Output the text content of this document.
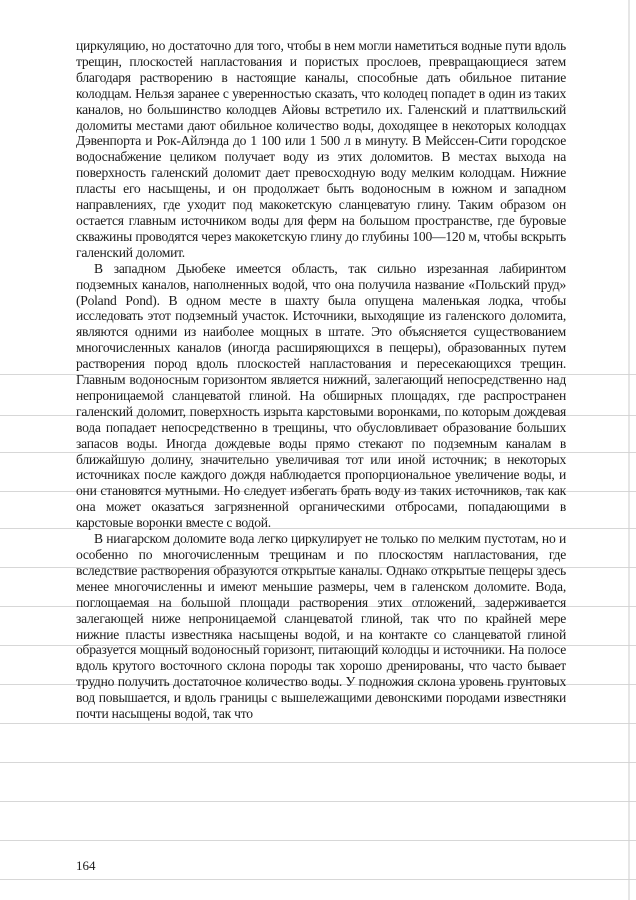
циркуляцию, но достаточно для того, чтобы в нем могли наметиться водные пути вдоль трещин, плоскостей напластования и пористых прослоев, превращающиеся затем благодаря растворению в настоящие каналы, способные дать обильное питание колодцам. Нельзя заранее с уверенностью сказать, что колодец попадет в один из таких каналов, но большинство колодцев Айовы встретило их. Галенский и платтвильский доломиты местами дают обильное количество воды, доходящее в некоторых колодцах Дэвенпорта и Рок-Айлэнда до 1 100 или 1 500 л в минуту. В Мейссен-Сити городское водоснабжение целиком получает воду из этих доломитов. В местах выхода на поверхность галенский доломит дает превосходную воду мелким колодцам. Нижние пласты его насыщены, и он продолжает быть водоносным в южном и западном направлениях, где уходит под макокетскую сланцеватую глину. Таким образом он остается главным источником воды для ферм на большом пространстве, где буровые скважины проводятся через макокетскую глину до глубины 100—120 м, чтобы вскрыть галенский доломит.

В западном Дьюбеке имеется область, так сильно изрезанная лабиринтом подземных каналов, наполненных водой, что она получила название «Польский пруд» (Poland Pond). В одном месте в шахту была опущена маленькая лодка, чтобы исследовать этот подземный участок. Источники, выходящие из галенского доломита, являются одними из наиболее мощных в штате. Это объясняется существованием многочисленных каналов (иногда расширяющихся в пещеры), образованных путем растворения пород вдоль плоскостей напластования и пересекающихся трещин. Главным водоносным горизонтом является нижний, залегающий непосредственно над непроницаемой сланцеватой глиной. На обширных площадях, где распространен галенский доломит, поверхность изрыта карстовыми воронками, по которым дождевая вода попадает непосредственно в трещины, что обусловливает образование больших запасов воды. Иногда дождевые воды прямо стекают по подземным каналам в ближайшую долину, значительно увеличивая тот или иной источник; в некоторых источниках после каждого дождя наблюдается пропорциональное увеличение воды, и они становятся мутными. Но следует избегать брать воду из таких источников, так как она может оказаться загрязненной органическими отбросами, попадающими в карстовые воронки вместе с водой.

В ниагарском доломите вода легко циркулирует не только по мелким пустотам, но и особенно по многочисленным трещинам и по плоскостям напластования, где вследствие растворения образуются открытые каналы. Однако открытые пещеры здесь менее многочисленны и имеют меньшие размеры, чем в галенском доломите. Вода, поглощаемая на большой площади растворения этих отложений, задерживается залегающей ниже непроницаемой сланцеватой глиной, так что по крайней мере нижние пласты известняка насыщены водой, и на контакте со сланцеватой глиной образуется мощный водоносный горизонт, питающий колодцы и источники. На полосе вдоль крутого восточного склона породы так хорошо дренированы, что часто бывает трудно получить достаточное количество воды. У подножия склона уровень грунтовых вод повышается, и вдоль границы с вышележащими девонскими породами известняки почти насыщены водой, так что

164
